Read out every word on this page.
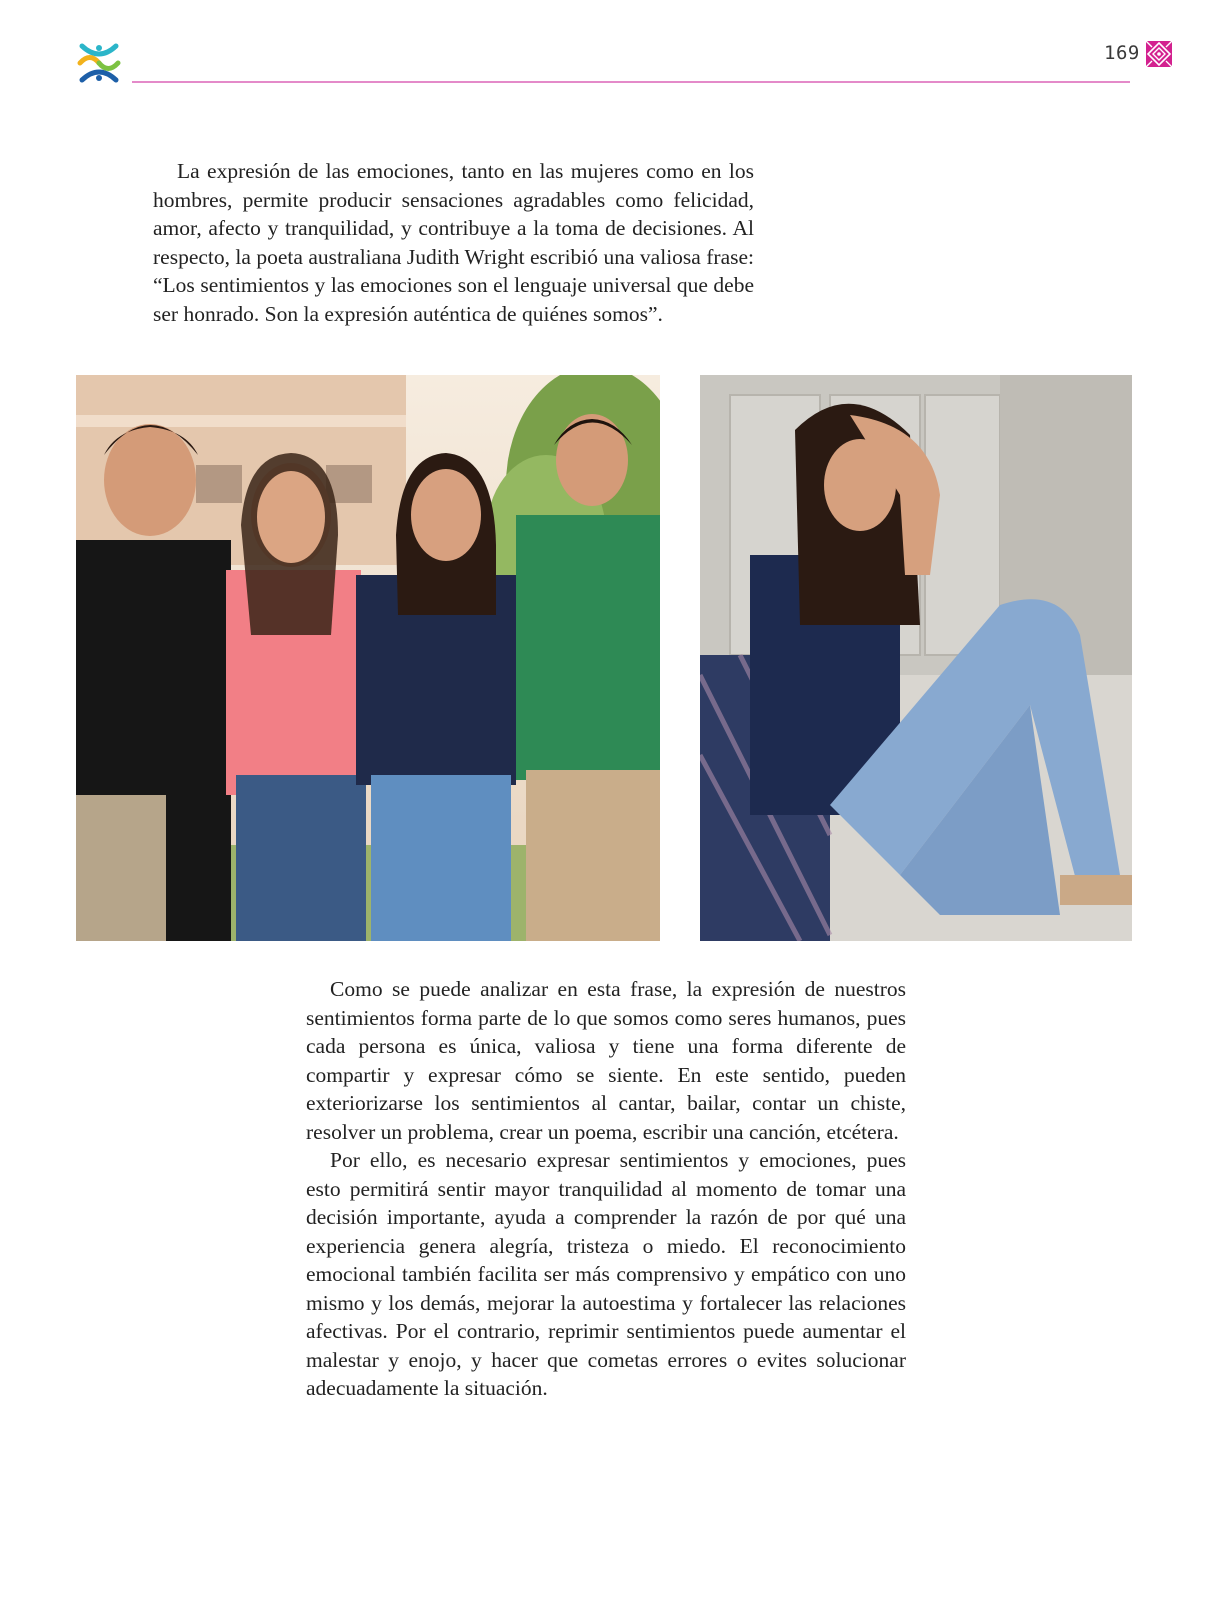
169

La expresión de las emociones, tanto en las mujeres como en los hombres, permite producir sensaciones agradables como felicidad, amor, afecto y tranquilidad, y contribuye a la toma de decisiones. Al respecto, la poeta australiana Judith Wright escribió una valiosa frase: “Los sentimientos y las emociones son el lenguaje universal que debe ser honrado. Son la expresión auténtica de quiénes somos”.

Como se puede analizar en esta frase, la expresión de nuestros sentimientos forma parte de lo que somos como seres humanos, pues cada persona es única, valiosa y tiene una forma diferente de compartir y expresar cómo se siente. En este sentido, pueden exteriorizarse los sentimientos al cantar, bailar, contar un chiste, resolver un problema, crear un poema, escribir una canción, etcétera.

Por ello, es necesario expresar sentimientos y emociones, pues esto permitirá sentir mayor tranquilidad al momento de tomar una decisión importante, ayuda a comprender la razón de por qué una experiencia genera alegría, tristeza o miedo. El reconocimiento emocional también facilita ser más comprensivo y empático con uno mismo y los demás, mejorar la autoestima y fortalecer las relaciones afectivas. Por el contrario, reprimir sentimientos puede aumentar el malestar y enojo, y hacer que cometas errores o evites solucionar adecuadamente la situación.
